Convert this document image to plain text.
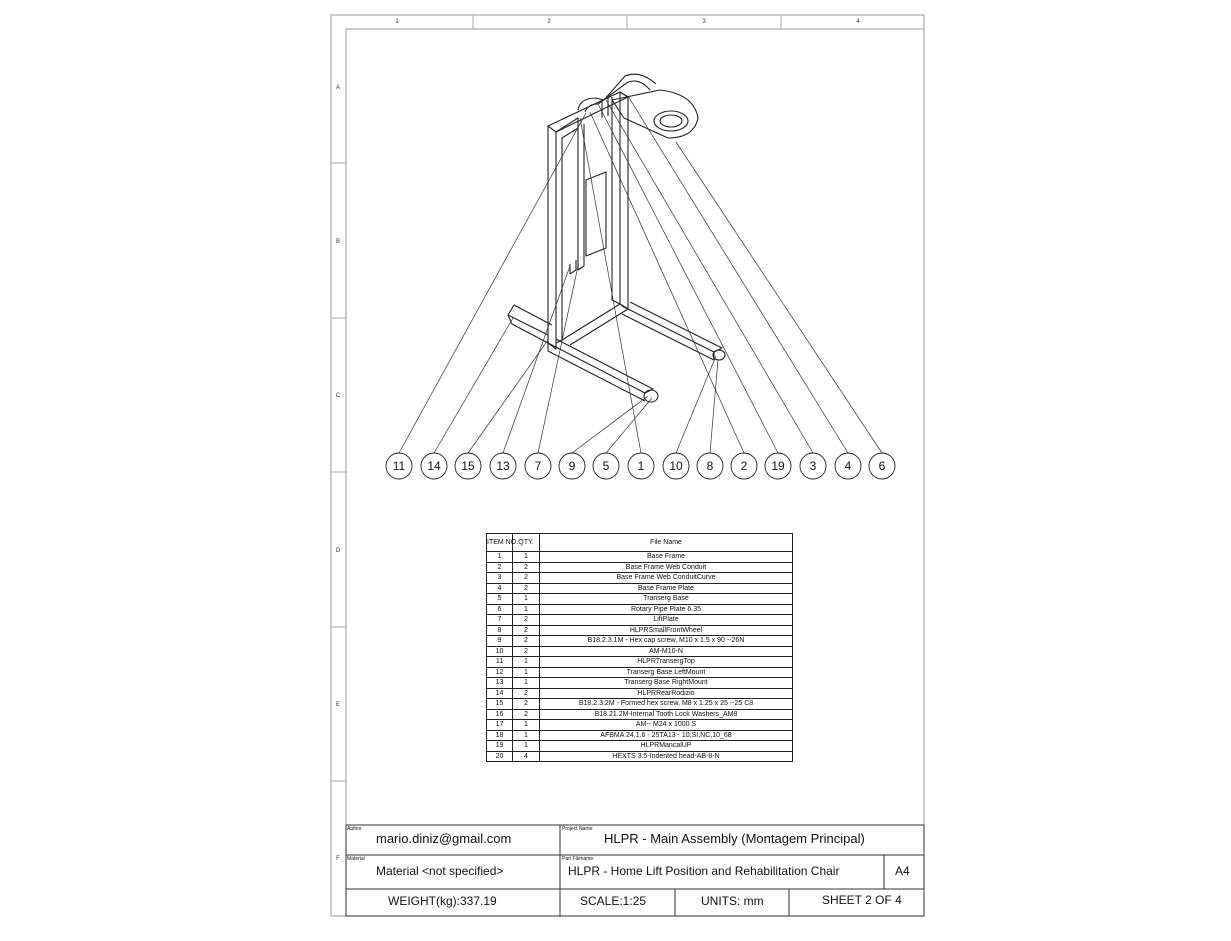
1	2	3	4
A
B
C
D
E
F
11 14 15 13 7 9 5 1 10 8 2 19 3 4 6
ITEM NO.	QTY.	File Name
1	1	Base Frame
2	2	Base Frame Web Conduit
3	2	Base Frame Web ConduitCurve
4	2	Base Frame Plate
5	1	Transerg Base
6	1	Rotary Pipe Plate 6.35
7	2	LiftPlate
8	2	HLPRSmallFrontWheel
9	2	B18.2.3.1M - Hex cap screw, M10 x 1.5 x 90 --26N
10	2	AM-M10-N
11	1	HLPRTransergTop
12	1	Transerg Base LeftMount
13	1	Transerg Base RightMount
14	2	HLPRRearRodizio
15	2	B18.2.3.2M - Formed hex screw, M8 x 1.25 x 25 --25 C8
16	2	B18.21.2M-Internal Tooth Lock Washers_AM8
17	1	AM-- M24 x 1000 S
18	1	AFBMA 24.1.6 - 25TA13 - 10,SI,NC,10_68
19	1	HLPRMancalUP
20	4	HEXTS 3.5-Indented head-AB-8-N
Author
mario.diniz@gmail.com
Project Name:
HLPR - Main Assembly (Montagem Principal)
Material
Material <not specified>
Part Filename:
HLPR - Home Lift Position and Rehabilitation Chair	A4
WEIGHT(kg):337.19	SCALE:1:25	UNITS: mm	SHEET 2 OF 4
